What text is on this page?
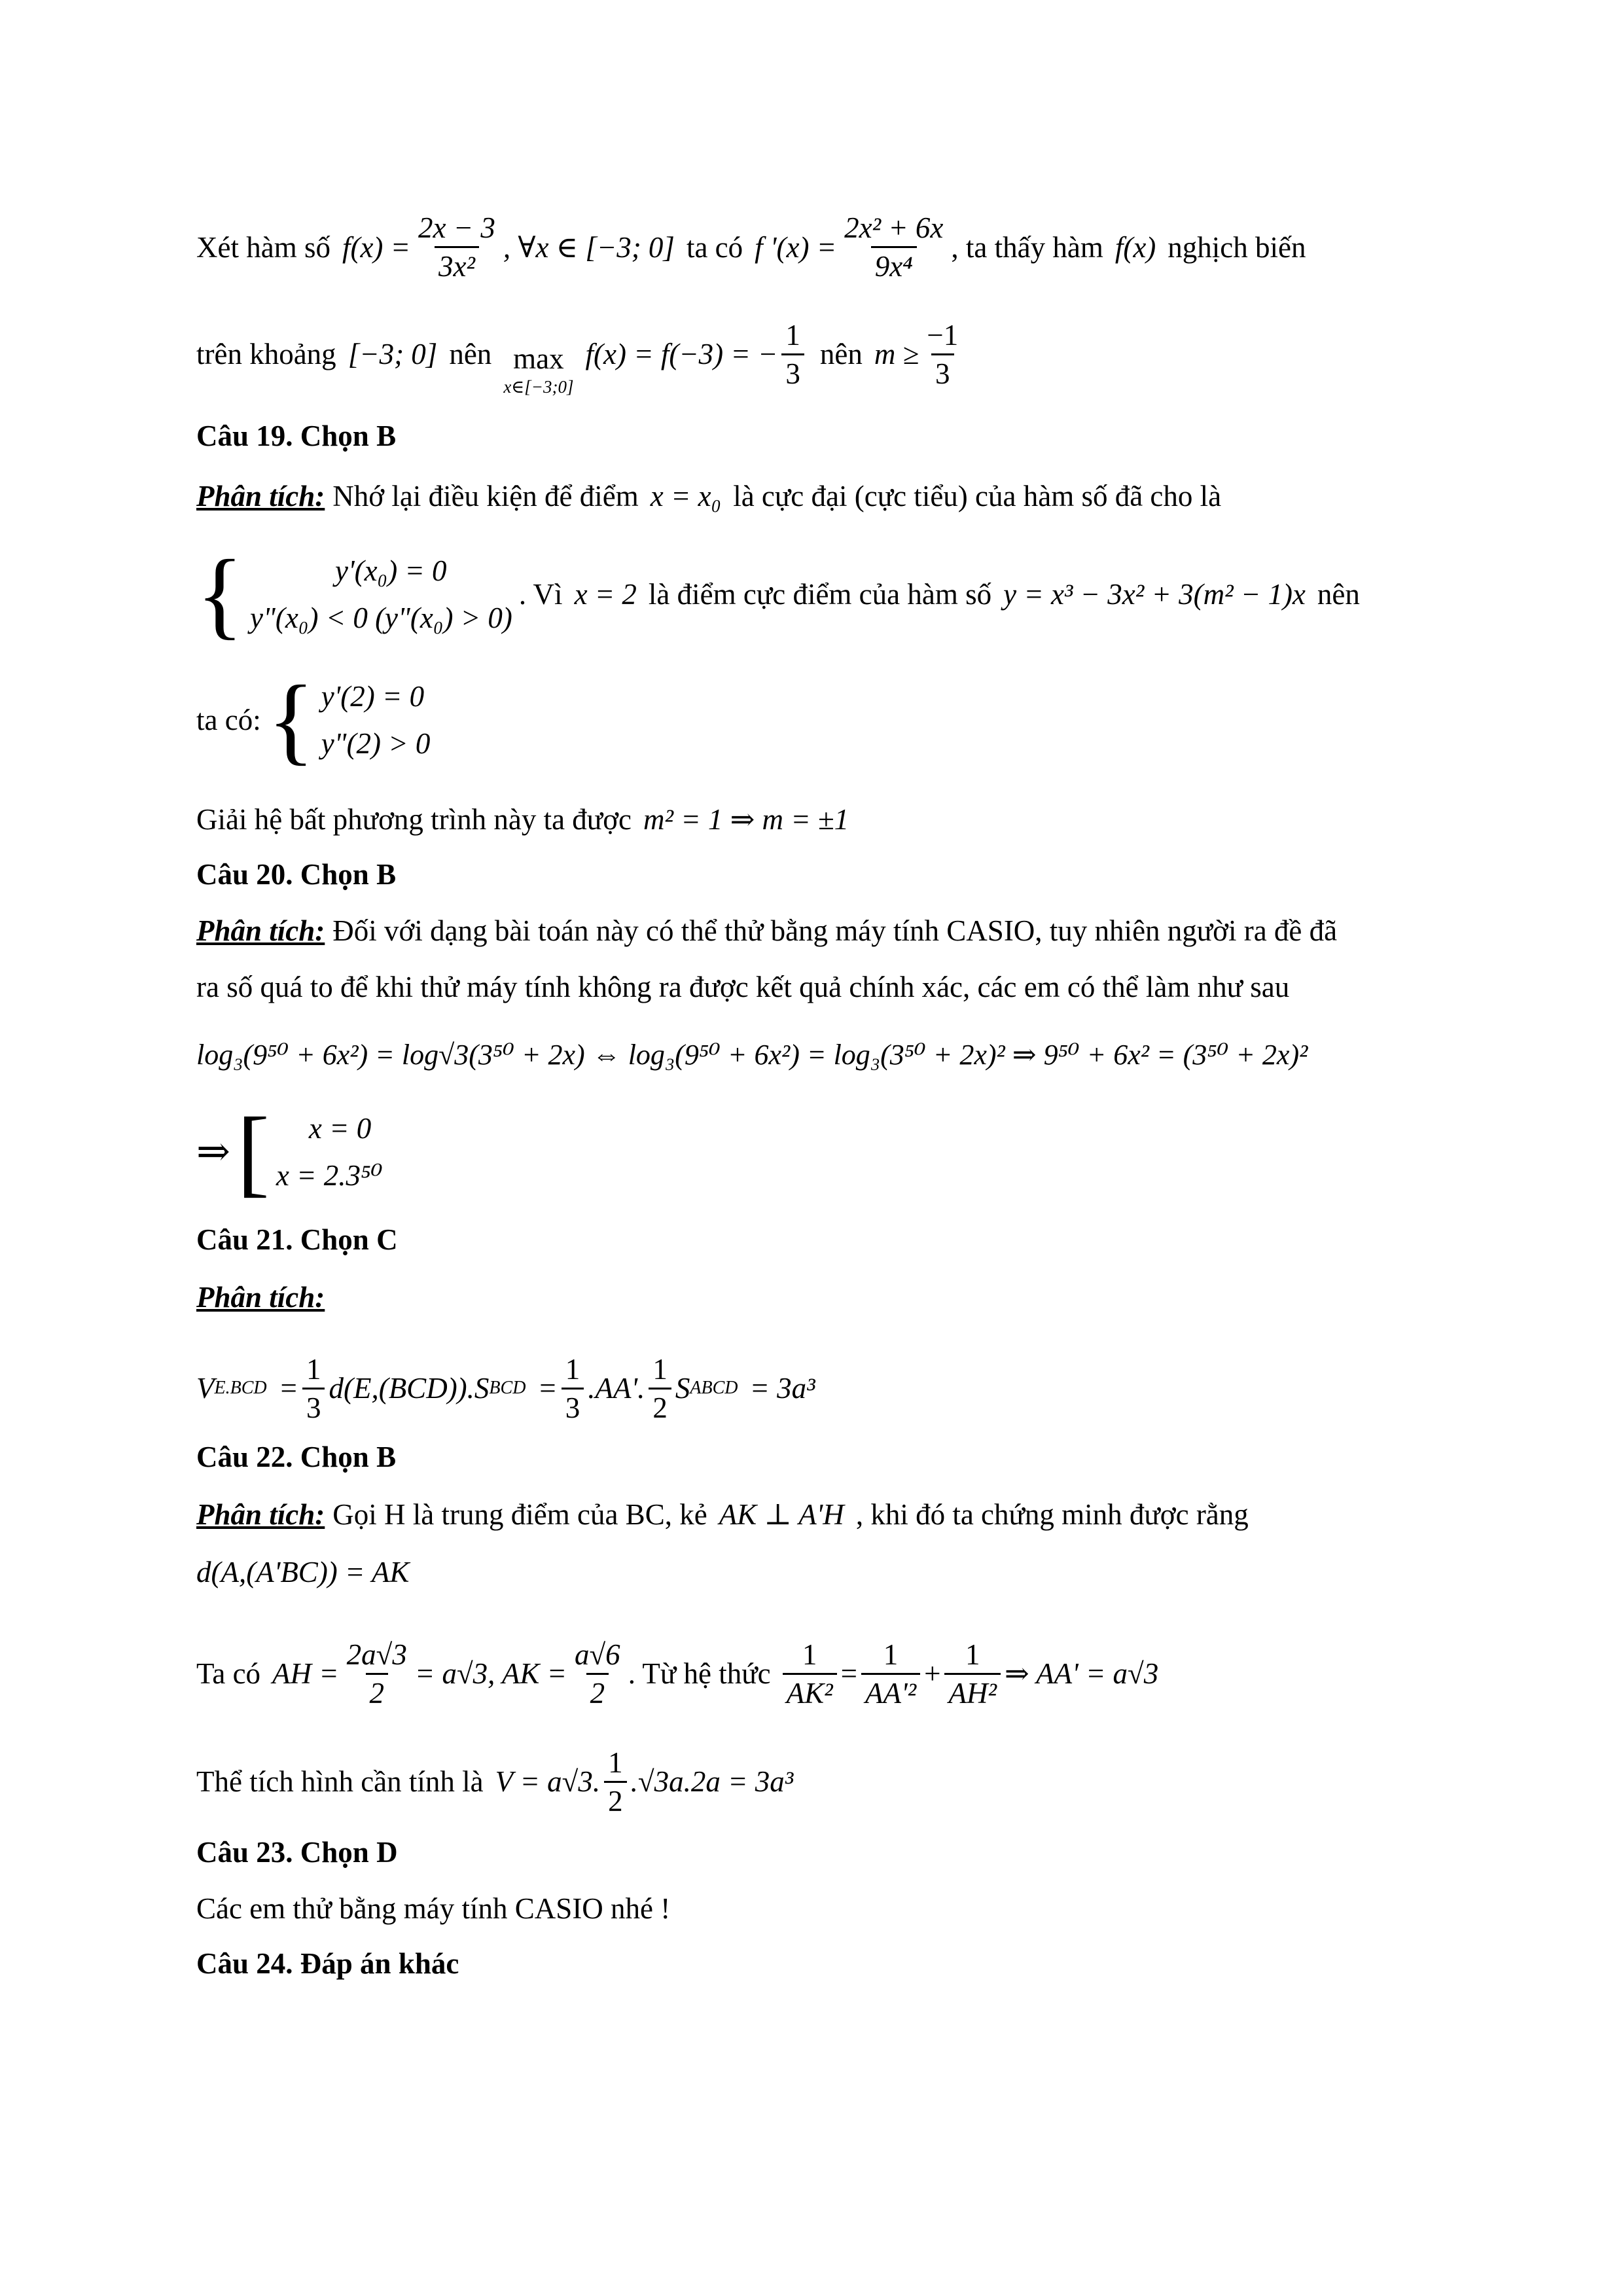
Xét hàm số $f(x) = \frac{2x - 3}{\text{3x²}}$ , ∀x ∈ [−3; 0] ta có f '$(x) = \frac{\text{2x² + 6x}}{\text{9x⁴}}$ , ta thấy hàm f(x) nghịch biến
trên khoảng [−3; 0] nên max
x∈[−3;0]
f(x) = f(−3) = − $\frac{1}{3}$ nên $m \ge \frac{-1}{3}$
Câu 19. Chọn B
Phân tích: Nhớ lại điều kiện để điểm x = x₀ là cực đại (cực tiểu) của hàm số đã cho là
{	y'(x₀) = 0
y"(x₀) < 0 (y"(x₀) > 0)
. Vì x = 2 là điểm cực điểm của hàm số y = x³ − 3x² + 3(m² − 1)x nên
ta có: { y'(2) = 0
y"(2) > 0
Giải hệ bất phương trình này ta được m² = 1 ⇒ m = ±1
Câu 20. Chọn B
Phân tích: Đối với dạng bài toán này có thể thử bằng máy tính CASIO, tuy nhiên người ra đề đã
ra số quá to để khi thử máy tính không ra được kết quả chính xác, các em có thể làm như sau
log₃(9⁵⁰ + 6x²) = log√3(3⁵⁰ + 2x) ⇔ log₃(9⁵⁰ + 6x²) = log₃(3⁵⁰ + 2x)² ⇒ 9⁵⁰ + 6x² = (3⁵⁰ + 2x)²
⇒ [	x = 0
x = 2.3⁵⁰
Câu 21. Chọn C
Phân tích:
V $E.BCD = \frac{1}{3} d(E,(BCD)).S$ BCD = $\frac{1}{3} .AA'$. $\frac{1}{2}$ S ABCD = 3a³
Câu 22. Chọn B
Phân tích: Gọi H là trung điểm của BC, kẻ AK ⊥ A'H , khi đó ta chứng minh được rằng
d(A,(A'BC)) = AK
Ta có AH = $\frac{2a√3}{2} = a√3$, AK = $\frac{a√6}{2}$ . Từ hệ thức $\frac{1}{\text{AK²}} = \frac{1}{\text{AA'²}} + \frac{1}{\text{AH²}}$ ⇒ AA' = a√3
Thể tích hình cần tính là V = a√3. $\frac{1}{2} .√3a.2a = 3a^3$
Câu 23. Chọn D
Các em thử bằng máy tính CASIO nhé !
Câu 24. Đáp án khác
